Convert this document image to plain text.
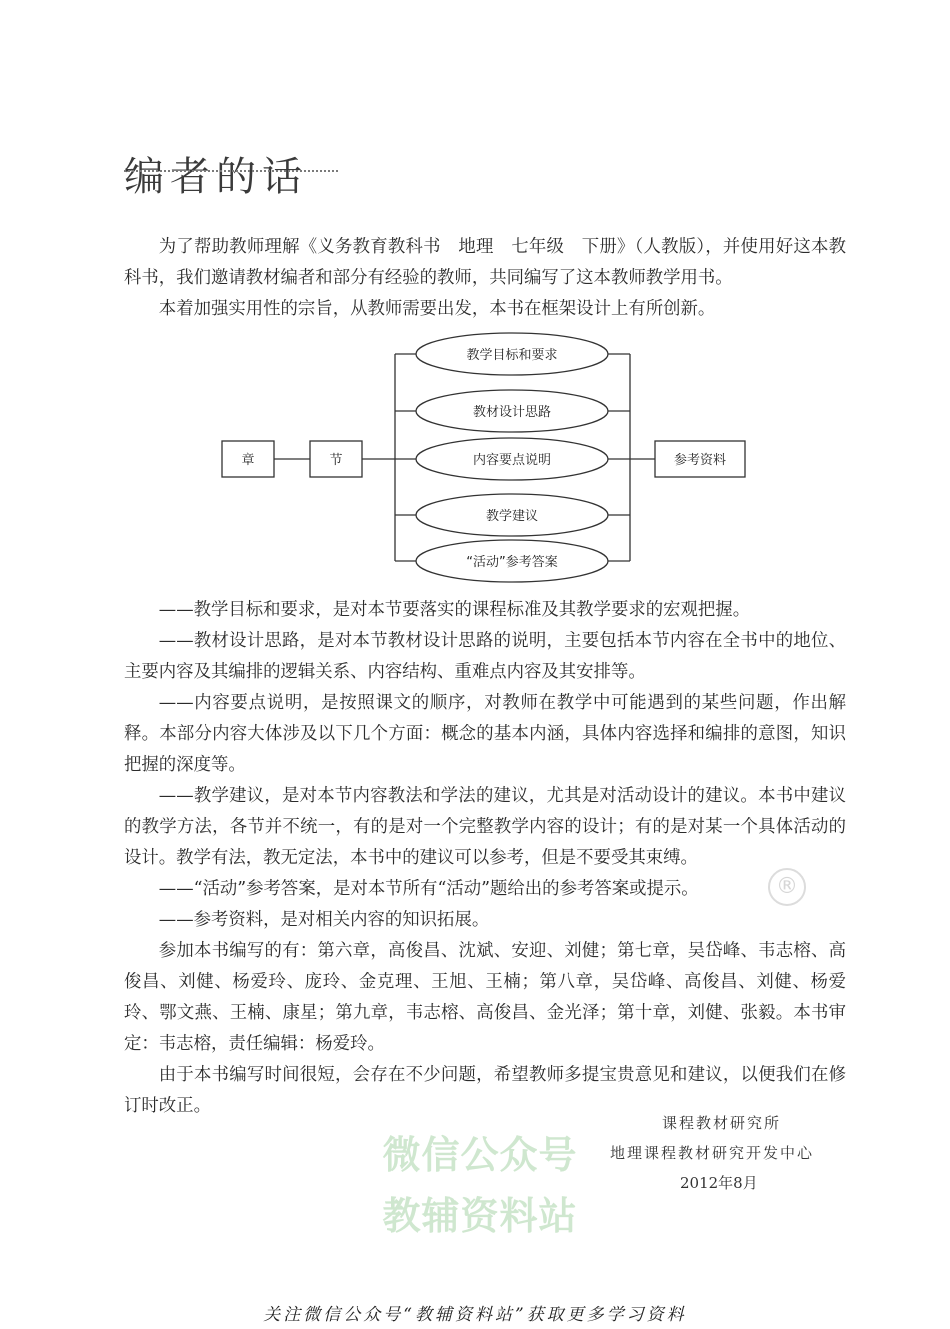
编者的话

为了帮助教师理解《义务教育教科书　地理　七年级　下册》（人教版），并使用好这本教科书，我们邀请教材编者和部分有经验的教师，共同编写了这本教师教学用书。

本着加强实用性的宗旨，从教师需要出发，本书在框架设计上有所创新。

章	节	参考资料
教学目标和要求
教材设计思路
内容要点说明
教学建议
“活动”参考答案

——教学目标和要求，是对本节要落实的课程标准及其教学要求的宏观把握。

——教材设计思路，是对本节教材设计思路的说明，主要包括本节内容在全书中的地位、主要内容及其编排的逻辑关系、内容结构、重难点内容及其安排等。

——内容要点说明，是按照课文的顺序，对教师在教学中可能遇到的某些问题，作出解释。本部分内容大体涉及以下几个方面：概念的基本内涵，具体内容选择和编排的意图，知识把握的深度等。

——教学建议，是对本节内容教法和学法的建议，尤其是对活动设计的建议。本书中建议的教学方法，各节并不统一，有的是对一个完整教学内容的设计；有的是对某一个具体活动的设计。教学有法，教无定法，本书中的建议可以参考，但是不要受其束缚。

——“活动”参考答案，是对本节所有“活动”题给出的参考答案或提示。

——参考资料，是对相关内容的知识拓展。

参加本书编写的有：第六章，高俊昌、沈斌、安迎、刘健；第七章，吴岱峰、韦志榕、高俊昌、刘健、杨爱玲、庞玲、金克理、王旭、王楠；第八章，吴岱峰、高俊昌、刘健、杨爱玲、鄂文燕、王楠、康星；第九章，韦志榕、高俊昌、金光泽；第十章，刘健、张毅。本书审定：韦志榕，责任编辑：杨爱玲。

由于本书编写时间很短，会存在不少问题，希望教师多提宝贵意见和建议，以便我们在修订时改正。

®
微信公众号
教辅资料站
课程教材研究所
地理课程教材研究开发中心
2012年8月
关注微信公众号“教辅资料站”获取更多学习资料
